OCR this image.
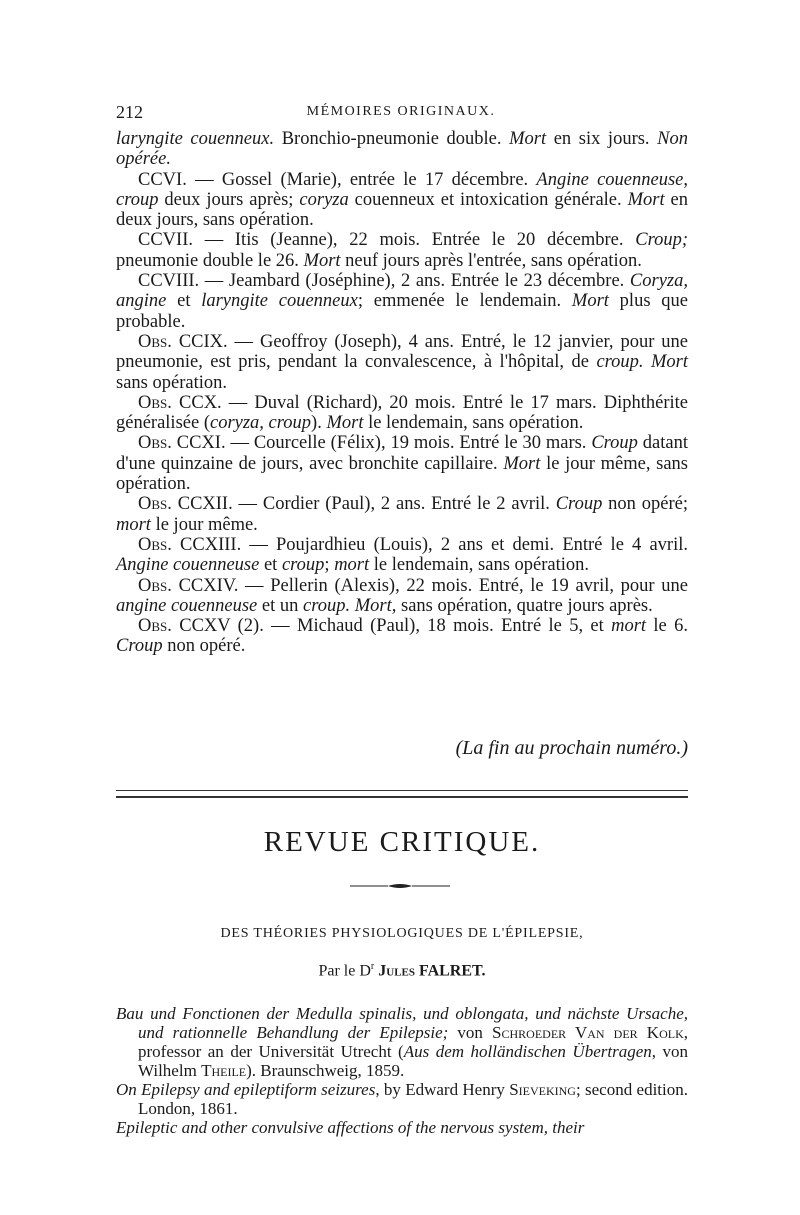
212	MÉMOIRES ORIGINAUX.

laryngite couenneux. Bronchio-pneumonie double. Mort en six jours. Non opérée.

CCVI. — Gossel (Marie), entrée le 17 décembre. Angine couenneuse, croup deux jours après; coryza couenneux et intoxication générale. Mort en deux jours, sans opération.

CCVII. — Itis (Jeanne), 22 mois. Entrée le 20 décembre. Croup; pneumonie double le 26. Mort neuf jours après l'entrée, sans opération.

CCVIII. — Jeambard (Joséphine), 2 ans. Entrée le 23 décembre. Coryza, angine et laryngite couenneux; emmenée le lendemain. Mort plus que probable.

Obs. CCIX. — Geoffroy (Joseph), 4 ans. Entré, le 12 janvier, pour une pneumonie, est pris, pendant la convalescence, à l'hôpital, de croup. Mort sans opération.

Obs. CCX. — Duval (Richard), 20 mois. Entré le 17 mars. Diphthérite généralisée (coryza, croup). Mort le lendemain, sans opération.

Obs. CCXI. — Courcelle (Félix), 19 mois. Entré le 30 mars. Croup datant d'une quinzaine de jours, avec bronchite capillaire. Mort le jour même, sans opération.

Obs. CCXII. — Cordier (Paul), 2 ans. Entré le 2 avril. Croup non opéré; mort le jour même.

Obs. CCXIII. — Poujardhieu (Louis), 2 ans et demi. Entré le 4 avril. Angine couenneuse et croup; mort le lendemain, sans opération.

Obs. CCXIV. — Pellerin (Alexis), 22 mois. Entré, le 19 avril, pour une angine couenneuse et un croup. Mort, sans opération, quatre jours après.

Obs. CCXV (2). — Michaud (Paul), 18 mois. Entré le 5, et mort le 6. Croup non opéré.

(La fin au prochain numéro.)
REVUE CRITIQUE.
DES THÉORIES PHYSIOLOGIQUES DE L'ÉPILEPSIE,
Par le $D^r$ Jules FALRET.

Bau und Fonctionen der Medulla spinalis, und oblongata, und nächste Ursache, und rationnelle Behandlung der Epilepsie; von Schroeder Van der Kolk, professor an der Universität Utrecht (Aus dem holländischen Übertragen, von Wilhelm Theile). Braunschweig, 1859.

On Epilepsy and epileptiform seizures, by Edward Henry Sieveking; second edition. London, 1861.

Epileptic and other convulsive affections of the nervous system, their
